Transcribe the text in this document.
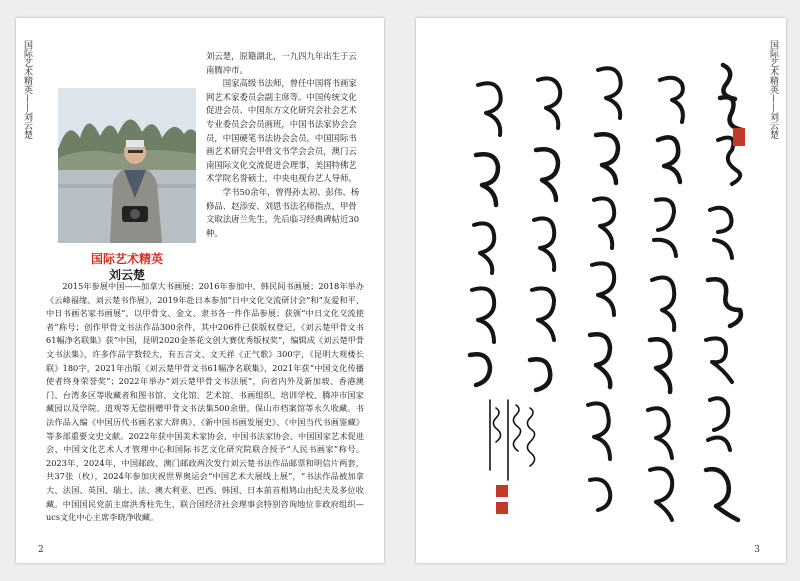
国际艺术精英——刘云楚
国际艺术精英
刘云楚

刘云楚，原籍湖北，一九四九年出生于云南腾冲市。

国家高级书法师，曾任中国将书画家网艺术家委员会副主席等。中国传统文化促进会员、中国东方文化研究会社会艺术专业委员会会员画班，中国书法家协会会员，中国硬笔书法协会会员，中国国际书画艺术研究会甲骨文书学会会员，澳门云南国际文化交流促进会理事，美国特佛艺术学院名誉硕士，中央电视台艺人导师。

学书50余年，曾得孙太初、彭伟、杨修品、赵添安、刘恩书法名师指点，甲骨文取法唐兰先生，先后临习经典碑帖近30种。

2015年参展中国——加拿大书画展；2016年参加中、韩民间书画展；2018年举办《云峰福缘、刘云楚书作展》，2019年赴日本参加“日中文化交流研讨会”和“友爱和平、中日书画名家书画展”，以甲骨文、金文、隶书各一件作品参展；获颁“中日文化交流使者”称号；创作甲骨文书法作品300余件，其中206件已获版权登记，《刘云楚甲骨文书61幅净名联集》获“中国，昆明2020金茶花文创大赛优秀版权奖”，编辑成《刘云楚甲骨文书法集》，许多作品字数较大，有五言文、文天祥《正气歌》300字，《昆明大观楼长联》180字，2021年出版《刘云楚甲骨文书61幅净名联集》，2021年获“中国文化传播使者终身荣誉奖”；2022年举办“刘云楚甲骨文书法展”，向省内外及新加坡、香港澳门、台湾多区等收藏者和图书馆、文化馆、艺术馆、书画组织、培训学校、腾冲市国家藏园以及学院、道观等无偿捐赠甲骨文书法集500余册，保山市档案馆等永久收藏。书法作品入编《中国历代书画名家大辞典》、《新中国书画发展史》、《中国当代书画鉴藏》等多部重要文史文献。2022年获中国美术家协会、中国书法家协会、中国国家艺术促进会、中国文化艺术人才管理中心和国际书艺文化研究院联合授予“人民书画家”称号。2023年、2024年，中国邮政、澳门邮政两次发行刘云楚书法作品邮票和明信片两套，共37张（枚），2024年参加庆祝世界奥运会“中国艺术大展线上展”，“书法作品被加拿大、法国、英国、瑞士、法、澳大利亚、巴西、韩国、日本前首相鸠山由纪夫及多位收藏。中国国民党前主席洪秀柱先生、联合国经济社会理事会特别咨询地位非政府组织—ucs文化中心主席李晓净收藏。

2
国际艺术精英——刘云楚
3
